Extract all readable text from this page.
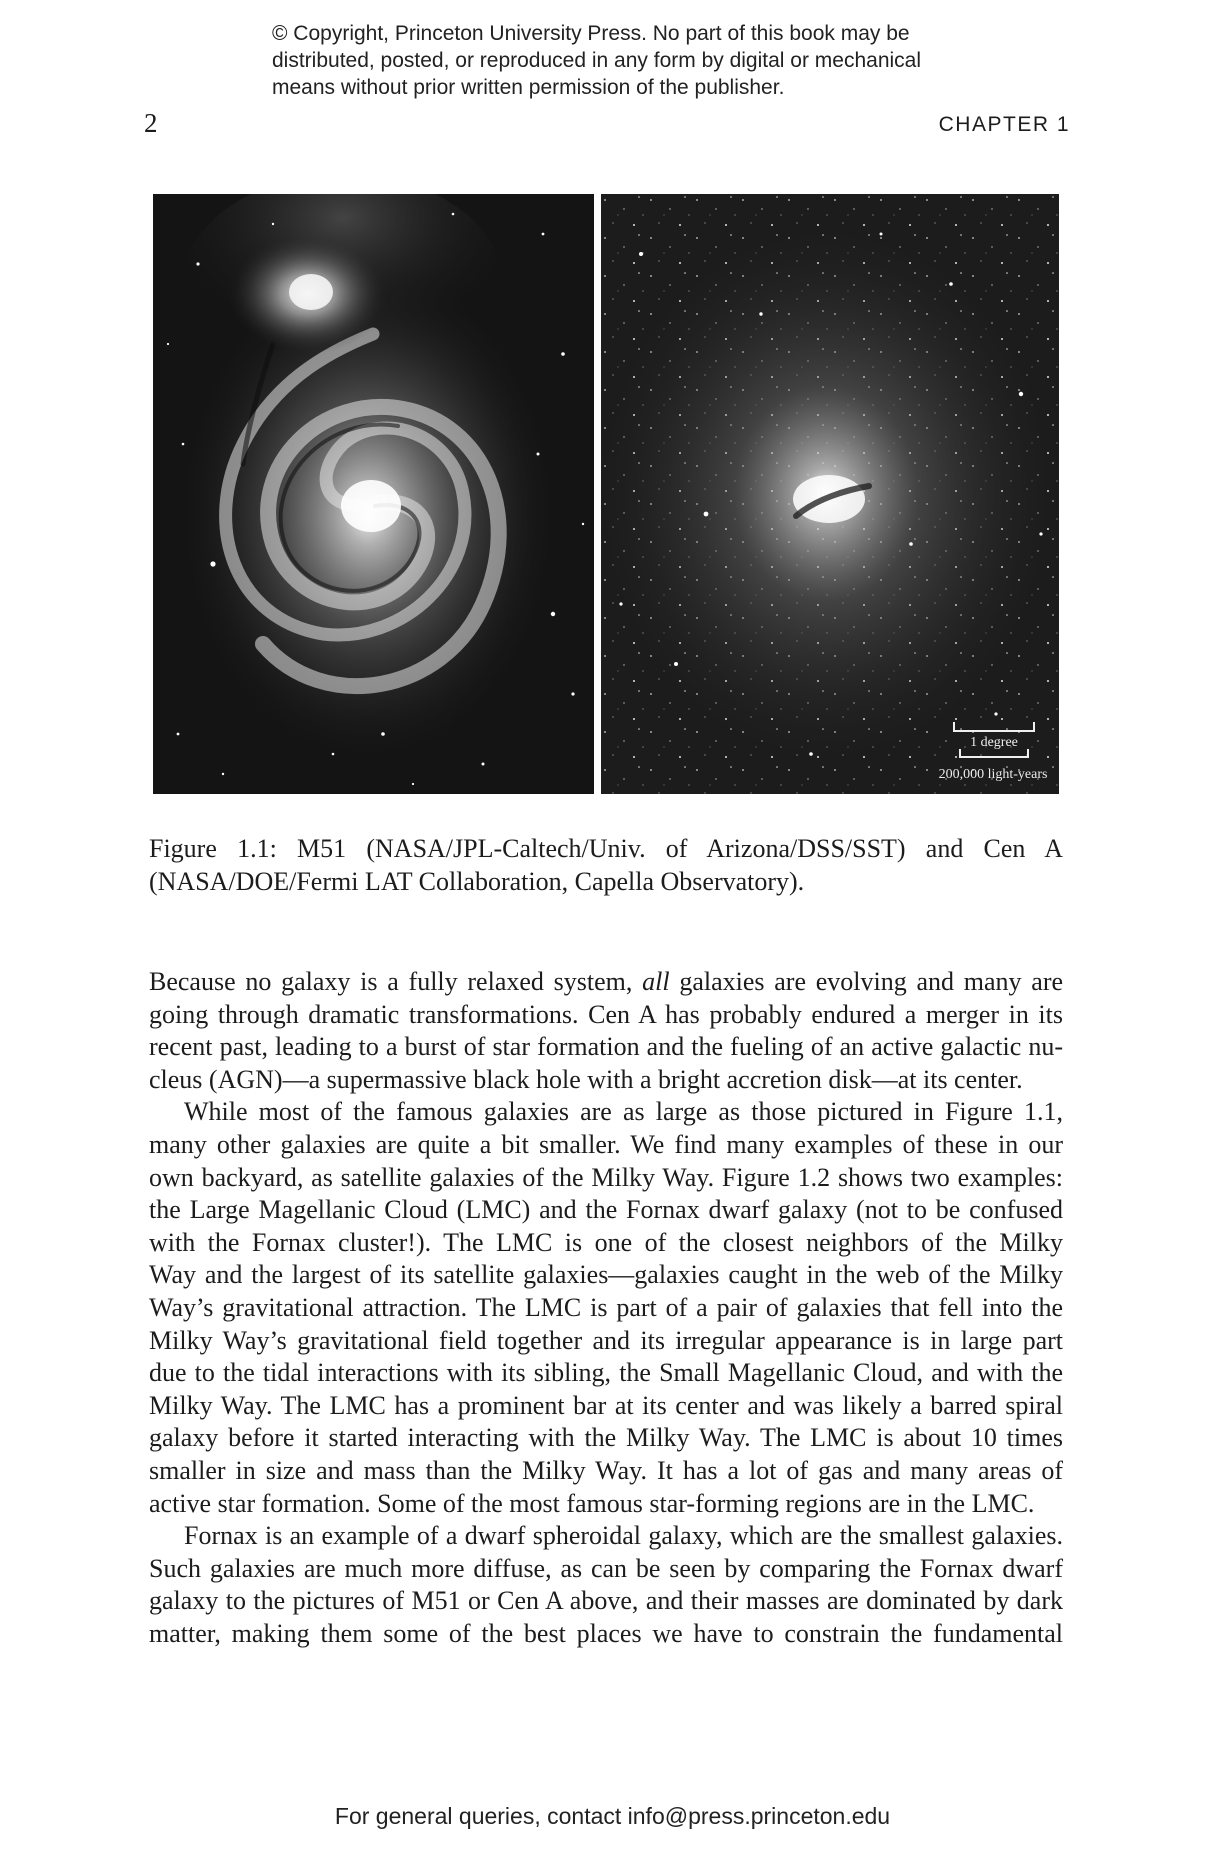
© Copyright, Princeton University Press. No part of this book may be
distributed, posted, or reproduced in any form by digital or mechanical
means without prior written permission of the publisher.
2	CHAPTER 1
1 degree
200,000 light-years
Figure 1.1: M51 (NASA/JPL-Caltech/Univ. of Arizona/DSS/SST) and Cen A
(NASA/DOE/Fermi LAT Collaboration, Capella Observatory).
Because no galaxy is a fully relaxed system, all galaxies are evolving and many are
going through dramatic transformations. Cen A has probably endured a merger in its
recent past, leading to a burst of star formation and the fueling of an active galactic nu-
cleus (AGN)—a supermassive black hole with a bright accretion disk—at its center.
While most of the famous galaxies are as large as those pictured in Figure 1.1,
many other galaxies are quite a bit smaller. We find many examples of these in our
own backyard, as satellite galaxies of the Milky Way. Figure 1.2 shows two examples:
the Large Magellanic Cloud (LMC) and the Fornax dwarf galaxy (not to be confused
with the Fornax cluster!). The LMC is one of the closest neighbors of the Milky
Way and the largest of its satellite galaxies—galaxies caught in the web of the Milky
Way’s gravitational attraction. The LMC is part of a pair of galaxies that fell into the
Milky Way’s gravitational field together and its irregular appearance is in large part
due to the tidal interactions with its sibling, the Small Magellanic Cloud, and with the
Milky Way. The LMC has a prominent bar at its center and was likely a barred spiral
galaxy before it started interacting with the Milky Way. The LMC is about 10 times
smaller in size and mass than the Milky Way. It has a lot of gas and many areas of
active star formation. Some of the most famous star-forming regions are in the LMC.
Fornax is an example of a dwarf spheroidal galaxy, which are the smallest galaxies.
Such galaxies are much more diffuse, as can be seen by comparing the Fornax dwarf
galaxy to the pictures of M51 or Cen A above, and their masses are dominated by dark
matter, making them some of the best places we have to constrain the fundamental
For general queries, contact info@press.princeton.edu
